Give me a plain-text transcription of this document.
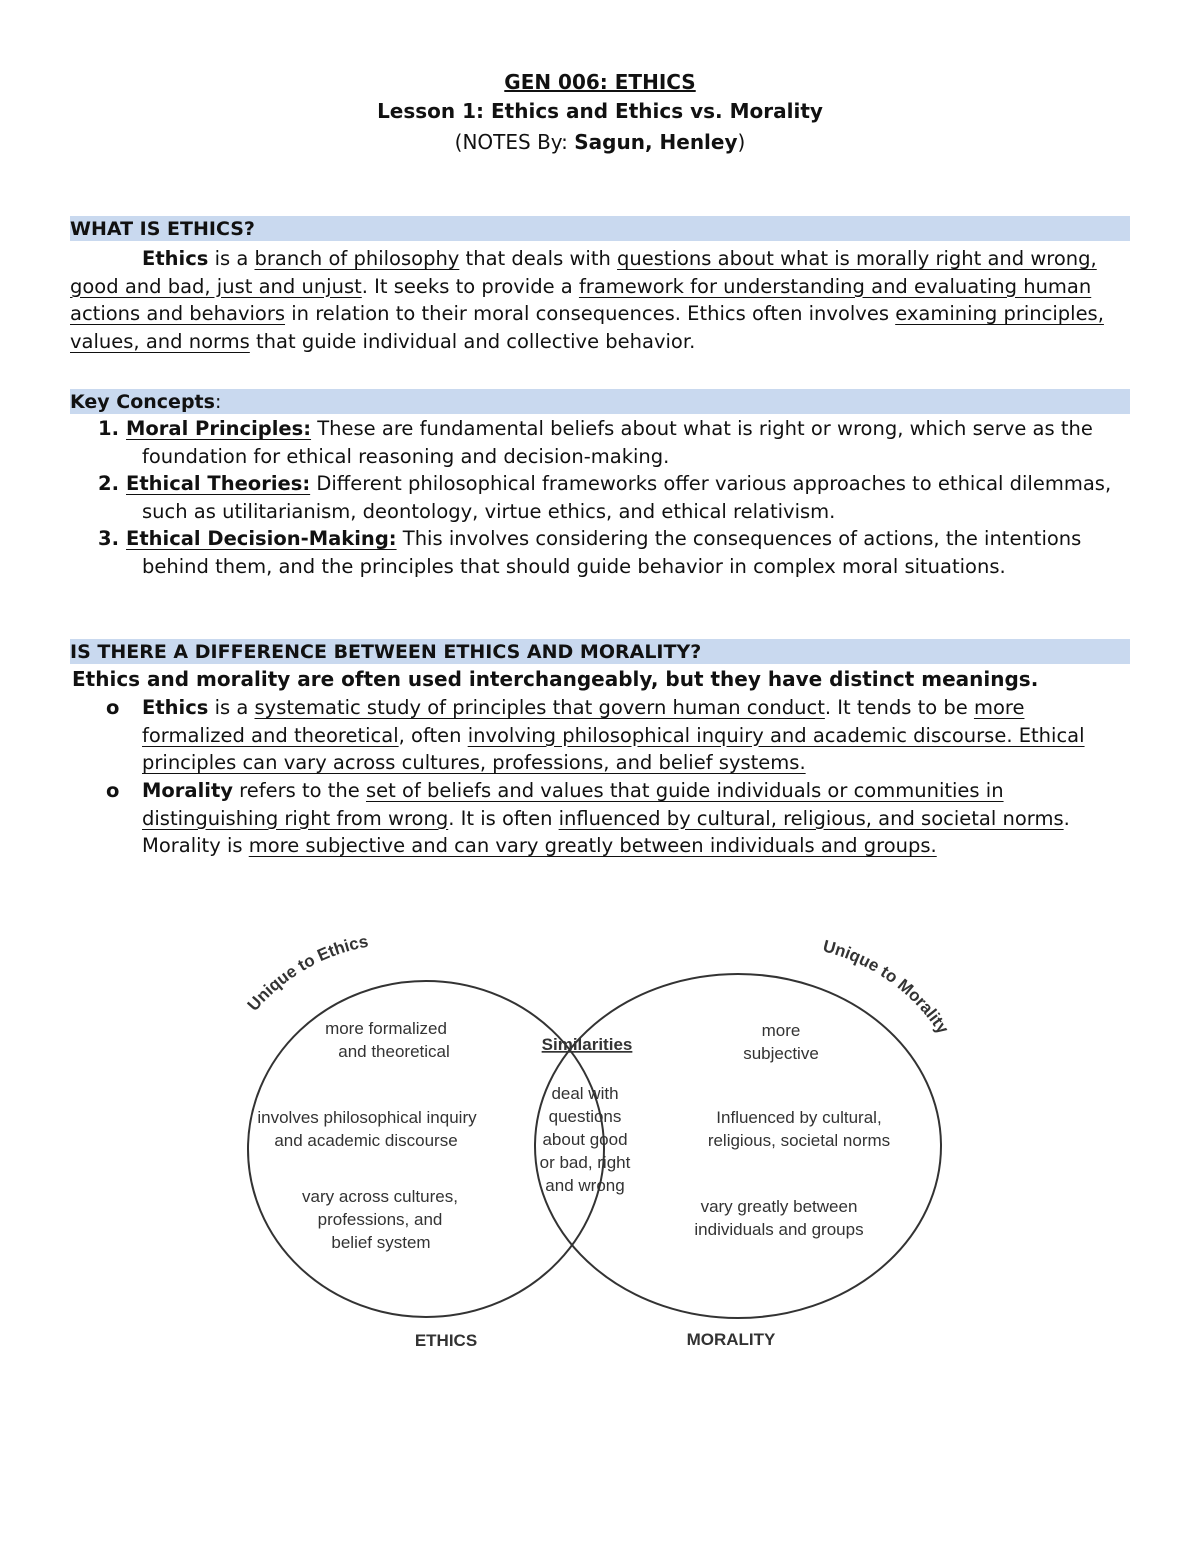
GEN 006: ETHICS
Lesson 1: Ethics and Ethics vs. Morality
(NOTES By: Sagun, Henley)
WHAT IS ETHICS?
Ethics is a branch of philosophy that deals with questions about what is morally right and wrong, good and bad, just and unjust. It seeks to provide a framework for understanding and evaluating human actions and behaviors in relation to their moral consequences. Ethics often involves examining principles, values, and norms that guide individual and collective behavior.
Key Concepts:
1. Moral Principles: These are fundamental beliefs about what is right or wrong, which serve as the foundation for ethical reasoning and decision-making.
2. Ethical Theories: Different philosophical frameworks offer various approaches to ethical dilemmas, such as utilitarianism, deontology, virtue ethics, and ethical relativism.
3. Ethical Decision-Making: This involves considering the consequences of actions, the intentions behind them, and the principles that should guide behavior in complex moral situations.
IS THERE A DIFFERENCE BETWEEN ETHICS AND MORALITY?
Ethics and morality are often used interchangeably, but they have distinct meanings.
o Ethics is a systematic study of principles that govern human conduct. It tends to be more formalized and theoretical, often involving philosophical inquiry and academic discourse. Ethical principles can vary across cultures, professions, and belief systems.
o Morality refers to the set of beliefs and values that guide individuals or communities in distinguishing right from wrong. It is often influenced by cultural, religious, and societal norms. Morality is more subjective and can vary greatly between individuals and groups.
Unique to Ethics	Unique to Morality
Similarities
more formalized
and theoretical
involves philosophical inquiry
and academic discourse
vary across cultures,
professions, and
belief system
deal with
questions
about good
or bad, right
and wrong
more
subjective
Influenced by cultural,
religious, societal norms
vary greatly between
individuals and groups
ETHICS	MORALITY
